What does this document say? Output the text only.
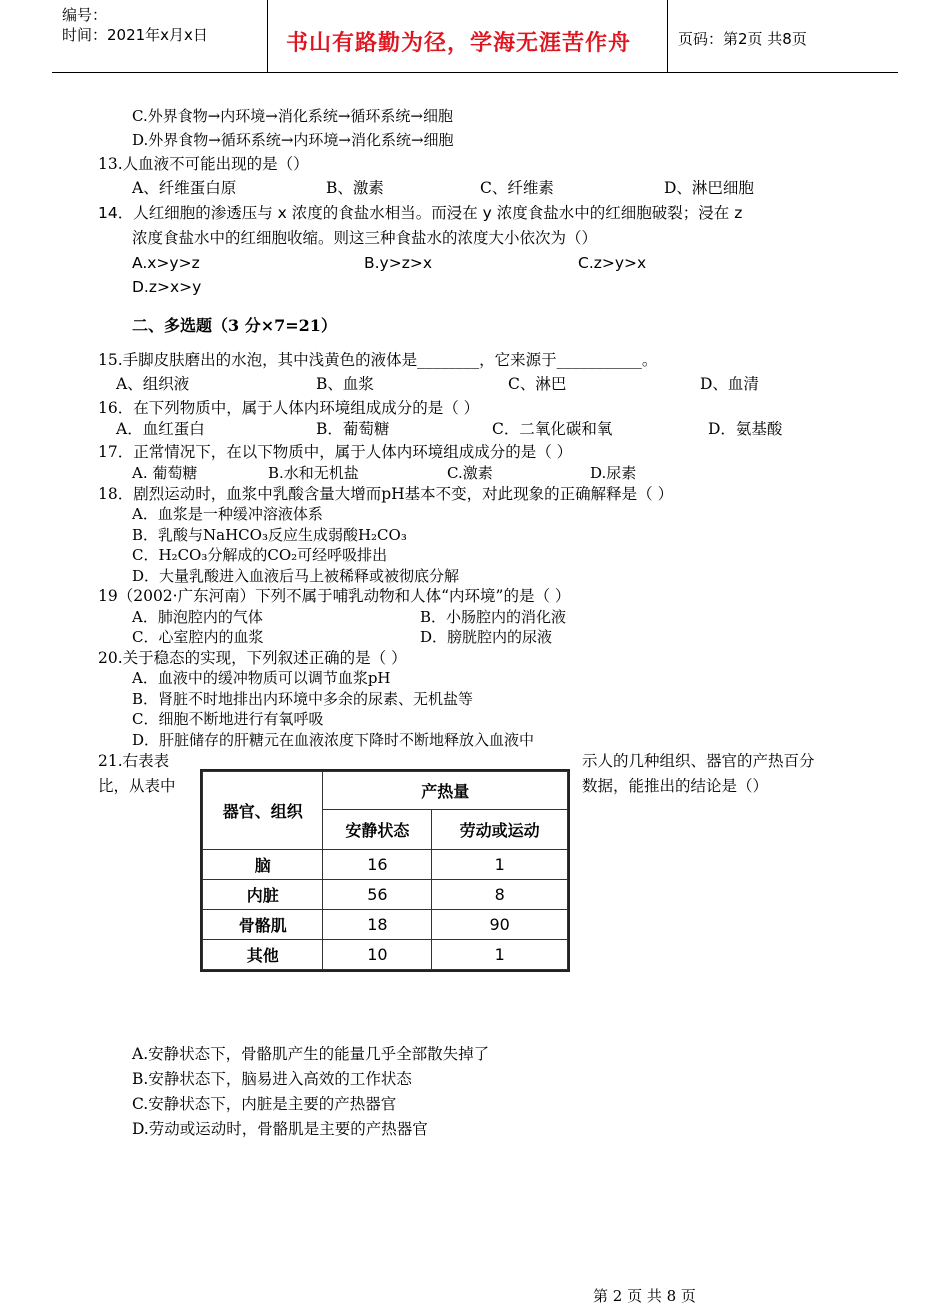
编号：
时间：2021年x月x日	书山有路勤为径，学海无涯苦作舟	页码：第2页 共8页
C.外界食物→内环境→消化系统→循环系统→细胞
D.外界食物→循环系统→内环境→消化系统→细胞
13.人血液不可能出现的是（）
A、纤维蛋白原	B、激素	C、纤维素	D、淋巴细胞
14．人红细胞的渗透压与 x 浓度的食盐水相当。而浸在 y 浓度食盐水中的红细胞破裂；浸在 z
浓度食盐水中的红细胞收缩。则这三种食盐水的浓度大小依次为（）
A.x>y>z	B.y>z>x	C.z>y>x
D.z>x>y
二、多选题（3 分×7=21）
15.手脚皮肤磨出的水泡，其中浅黄色的液体是________，它来源于___________。
A、组织液	B、血浆	C、淋巴	D、血清
16．在下列物质中，属于人体内环境组成成分的是（ ）
A．血红蛋白	B．葡萄糖	C．二氧化碳和氧	D．氨基酸
17．正常情况下，在以下物质中，属于人体内环境组成成分的是（ ）
A. 葡萄糖	B.水和无机盐	C.激素	D.尿素
18．剧烈运动时，血浆中乳酸含量大增而pH基本不变，对此现象的正确解释是（ ）
A．血浆是一种缓冲溶液体系
B．乳酸与NaHCO₃反应生成弱酸H₂CO₃
C．H₂CO₃分解成的CO₂可经呼吸排出
D．大量乳酸进入血液后马上被稀释或被彻底分解
19（2002·广东河南）下列不属于哺乳动物和人体“内环境”的是（ ）
A．肺泡腔内的气体	B．小肠腔内的消化液
C．心室腔内的血浆	D．膀胱腔内的尿液
20.关于稳态的实现，下列叙述正确的是（ ）
A．血液中的缓冲物质可以调节血浆pH
B．肾脏不时地排出内环境中多余的尿素、无机盐等
C．细胞不断地进行有氧呼吸
D．肝脏储存的肝糖元在血液浓度下降时不断地释放入血液中
21.右表表
比，从表中
示人的几种组织、器官的产热百分
数据，能推出的结论是（）
器官、组织	产热量	
	安静状态	劳动或运动
脑	16	1
内脏	56	8
骨骼肌	18	90
其他	10	1
A.安静状态下，骨骼肌产生的能量几乎全部散失掉了
B.安静状态下，脑易进入高效的工作状态
C.安静状态下，内脏是主要的产热器官
D.劳动或运动时，骨骼肌是主要的产热器官
第 2 页 共 8 页
